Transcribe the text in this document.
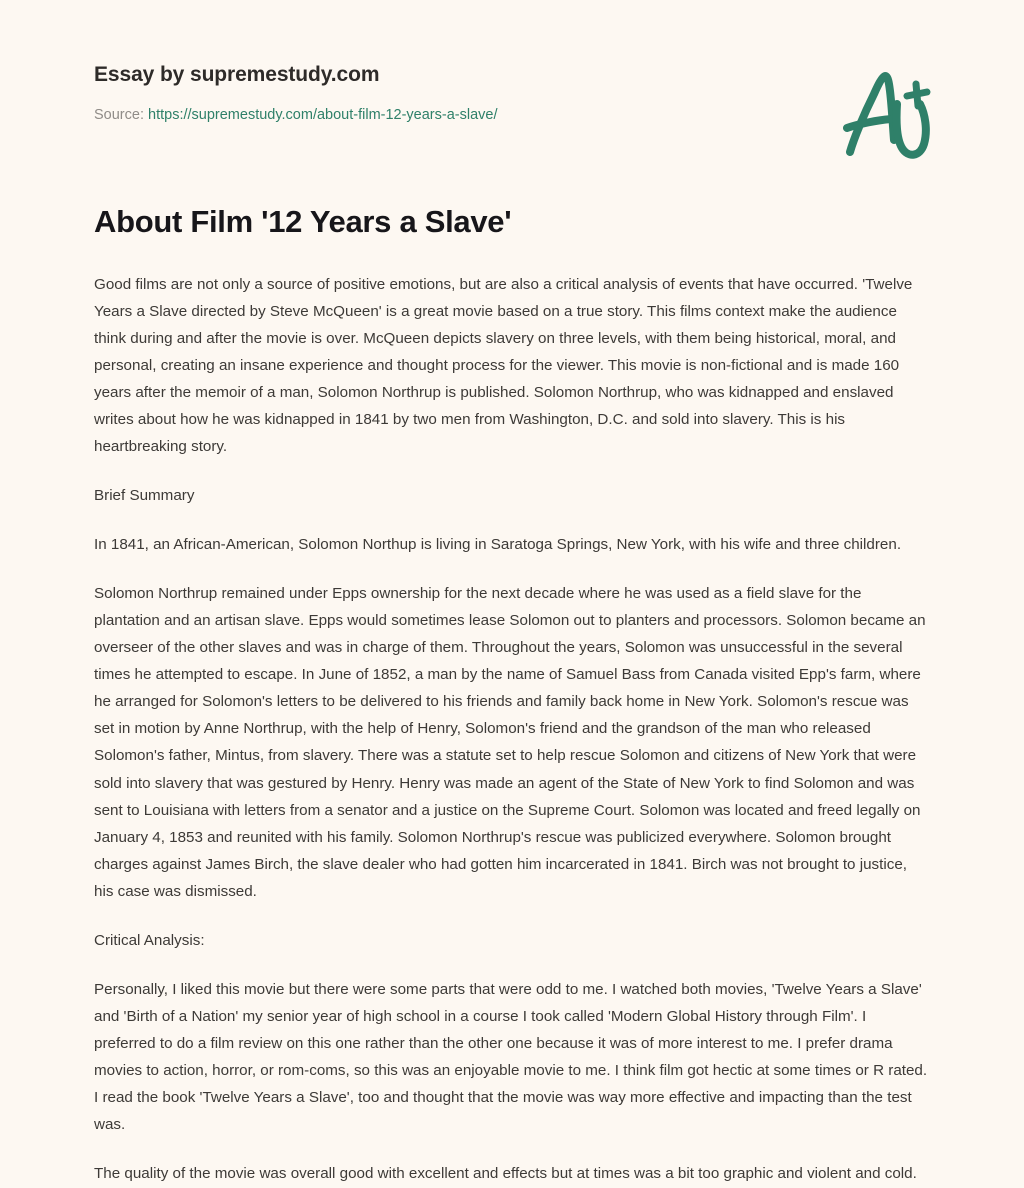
Essay by supremestudy.com
Source: https://supremestudy.com/about-film-12-years-a-slave/
About Film '12 Years a Slave'

Good films are not only a source of positive emotions, but are also a critical analysis of events that have occurred. 'Twelve Years a Slave directed by Steve McQueen' is a great movie based on a true story. This films context make the audience think during and after the movie is over. McQueen depicts slavery on three levels, with them being historical, moral, and personal, creating an insane experience and thought process for the viewer. This movie is non-fictional and is made 160 years after the memoir of a man, Solomon Northrup is published. Solomon Northrup, who was kidnapped and enslaved writes about how he was kidnapped in 1841 by two men from Washington, D.C. and sold into slavery. This is his heartbreaking story.

Brief Summary

In 1841, an African-American, Solomon Northup is living in Saratoga Springs, New York, with his wife and three children.

Solomon Northrup remained under Epps ownership for the next decade where he was used as a field slave for the plantation and an artisan slave. Epps would sometimes lease Solomon out to planters and processors. Solomon became an overseer of the other slaves and was in charge of them. Throughout the years, Solomon was unsuccessful in the several times he attempted to escape. In June of 1852, a man by the name of Samuel Bass from Canada visited Epp's farm, where he arranged for Solomon's letters to be delivered to his friends and family back home in New York. Solomon's rescue was set in motion by Anne Northrup, with the help of Henry, Solomon's friend and the grandson of the man who released Solomon's father, Mintus, from slavery. There was a statute set to help rescue Solomon and citizens of New York that were sold into slavery that was gestured by Henry. Henry was made an agent of the State of New York to find Solomon and was sent to Louisiana with letters from a senator and a justice on the Supreme Court. Solomon was located and freed legally on January 4, 1853 and reunited with his family. Solomon Northrup's rescue was publicized everywhere. Solomon brought charges against James Birch, the slave dealer who had gotten him incarcerated in 1841. Birch was not brought to justice, his case was dismissed.

Critical Analysis:

Personally, I liked this movie but there were some parts that were odd to me. I watched both movies, 'Twelve Years a Slave' and 'Birth of a Nation' my senior year of high school in a course I took called 'Modern Global History through Film'. I preferred to do a film review on this one rather than the other one because it was of more interest to me. I prefer drama movies to action, horror, or rom-coms, so this was an enjoyable movie to me. I think film got hectic at some times or R rated. I read the book 'Twelve Years a Slave', too and thought that the movie was way more effective and impacting than the test was.

The quality of the movie was overall good with excellent and effects but at times was a bit too graphic and violent and cold.
